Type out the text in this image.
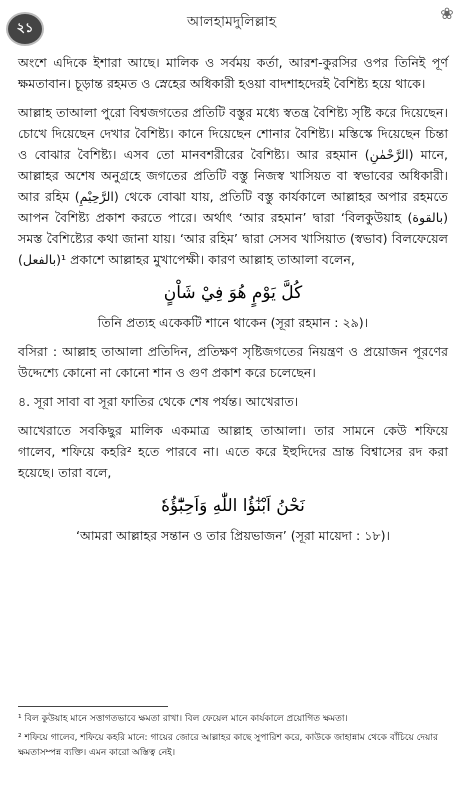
২১	আলহামদুলিল্লাহ	❀

অংশে এদিকে ইশারা আছে। মালিক ও সর্বময় কর্তা, আরশ-কুরসির ওপর তিনিই পূর্ণ ক্ষমতাবান। চূড়ান্ত রহমত ও স্নেহের অধিকারী হওয়া বাদশাহদেরই বৈশিষ্ট্য হয়ে থাকে।

আল্লাহ তাআলা পুরো বিশ্বজগতের প্রতিটি বস্তুর মধ্যে স্বতন্ত্র বৈশিষ্ট্য সৃষ্টি করে দিয়েছেন। চোখে দিয়েছেন দেখার বৈশিষ্ট্য। কানে দিয়েছেন শোনার বৈশিষ্ট্য। মস্তিস্কে দিয়েছেন চিন্তা ও বোঝার বৈশিষ্ট্য। এসব তো মানবশরীরের বৈশিষ্ট্য। আর রহমান (الرَّحْمٰنِ) মানে, আল্লাহর অশেষ অনুগ্রহে জগতের প্রতিটি বস্তু নিজস্ব খাসিয়ত বা স্বভাবের অধিকারী। আর রহিম (الرَّحِيْمِ) থেকে বোঝা যায়, প্রতিটি বস্তু কার্যকালে আল্লাহর অপার রহমতে আপন বৈশিষ্ট্য প্রকাশ করতে পারে। অর্থাৎ ‘আর রহমান’ দ্বারা ‘বিলকুউয়াহ (بالقوة) সমস্ত বৈশিষ্ট্যের কথা জানা যায়। ‘আর রহিম’ দ্বারা সেসব খাসিয়াত (স্বভাব) বিলফেয়েল (بالفعل)¹ প্রকাশে আল্লাহর মুখাপেক্ষী। কারণ আল্লাহ তাআলা বলেন,

كُلَّ يَوْمٍ هُوَ فِيْ شَاْنٍ
তিনি প্রত্যহ একেকটি শানে থাকেন (সূরা রহমান : ২৯)।

বসিরা : আল্লাহ তাআলা প্রতিদিন, প্রতিক্ষণ সৃষ্টিজগতের নিয়ন্ত্রণ ও প্রয়োজন পূরণের উদ্দেশ্যে কোনো না কোনো শান ও গুণ প্রকাশ করে চলেছেন।

৪. সূরা সাবা বা সূরা ফাতির থেকে শেষ পর্যন্ত। আখেরাত।

আখেরাতে সবকিছুর মালিক একমাত্র আল্লাহ তাআলা। তার সামনে কেউ শফিয়ে গালেব, শফিয়ে কহরি² হতে পারবে না। এতে করে ইহুদিদের ভ্রান্ত বিশ্বাসের রদ করা হয়েছে। তারা বলে,

نَحْنُ اَبْنٰٓؤُا اللّٰهِ وَاَحِبّٰٓؤُهٗ
‘আমরা আল্লাহর সন্তান ও তার প্রিয়ভাজন’ (সূরা মায়েদা : ১৮)।

¹ বিল কুউয়াহ মানে সত্তাগতভাবে ক্ষমতা রাখা। বিল ফেয়েল মানে কার্যকালে প্রয়োগিত ক্ষমতা।

² শফিয়ে গালেব, শফিয়ে কহরি মানে: গায়ের জোরে আল্লাহর কাছে সুপারিশ করে, কাউকে জাহান্নাম থেকে বাঁচিয়ে দেয়ার ক্ষমতাসম্পন্ন ব্যক্তি। এমন কারো অস্তিত্ব নেই।
